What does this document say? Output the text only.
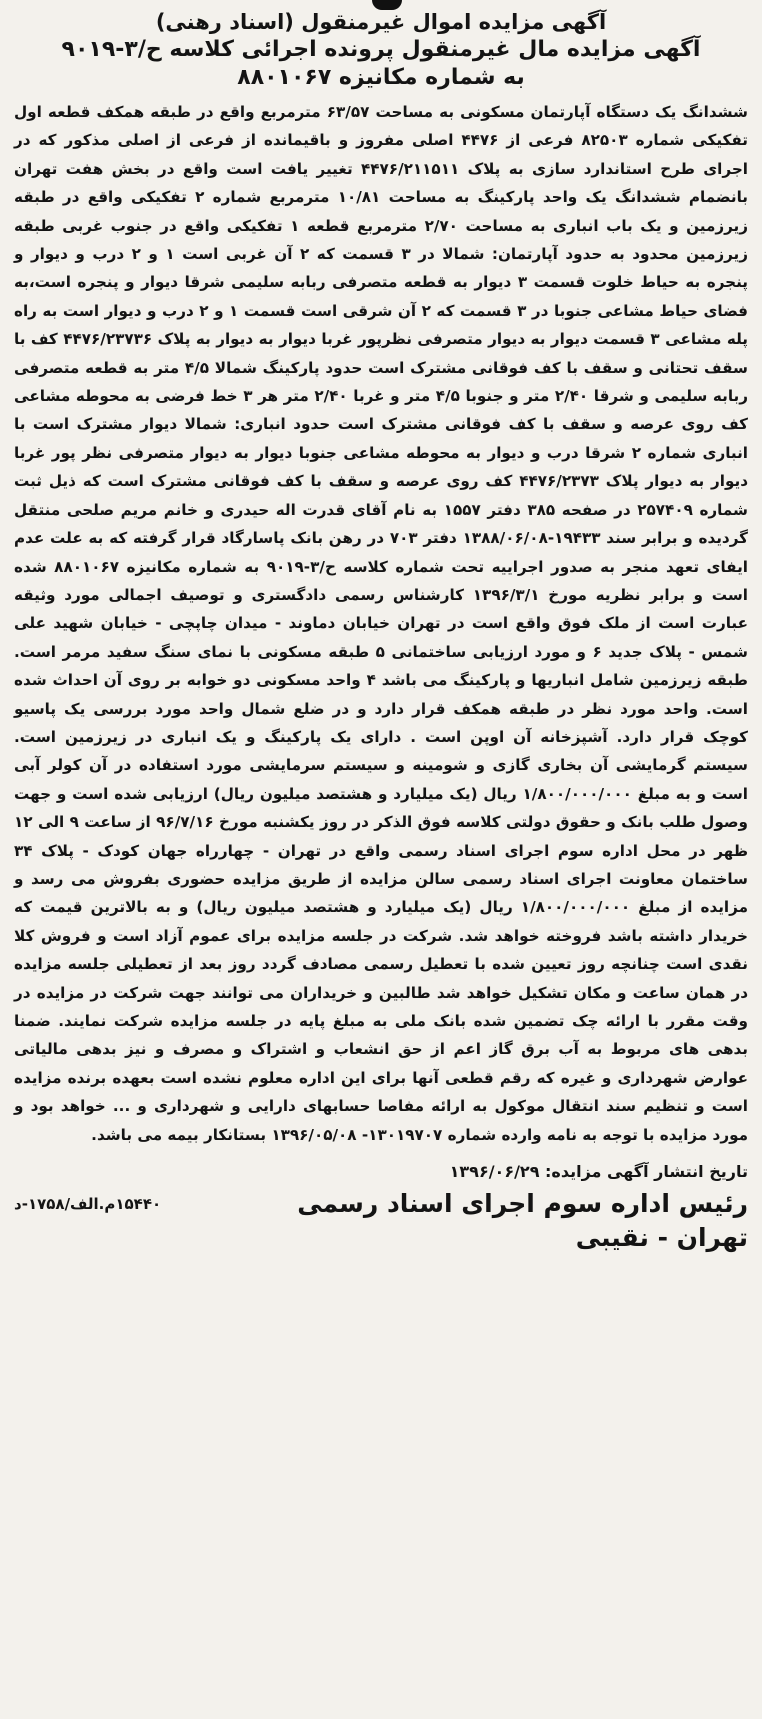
آگهی مزایده اموال غیرمنقول (اسناد رهنی)

آگهی مزایده مال غیرمنقول پرونده اجرائی کلاسه ح/۳-۹۰۱۹

به شماره مکانیزه ۸۸۰۱۰۶۷

ششدانگ یک دستگاه آپارتمان مسکونی به مساحت ۶۳/۵۷ مترمربع واقع در طبقه همکف قطعه اول تفکیکی شماره ۸۲۵۰۳ فرعی از ۴۴۷۶ اصلی مفروز و باقیمانده از فرعی از اصلی مذکور که در اجرای طرح استاندارد سازی به پلاک ۴۴۷۶/۲۱۱۵۱۱ تغییر یافت است واقع در بخش هفت تهران بانضمام ششدانگ یک واحد پارکینگ به مساحت ۱۰/۸۱ مترمربع شماره ۲ تفکیکی واقع در طبقه زیرزمین و یک باب انباری به مساحت ۲/۷۰ مترمربع قطعه ۱ تفکیکی واقع در جنوب غربی طبقه زیرزمین محدود به حدود آپارتمان: شمالا در ۳ قسمت که ۲ آن غربی است ۱ و ۲ درب و دیوار و پنجره به حیاط خلوت قسمت ۳ دیوار به قطعه متصرفی ربابه سلیمی شرقا دیوار و پنجره است،به فضای حیاط مشاعی جنوبا در ۳ قسمت که ۲ آن شرقی است قسمت ۱ و ۲ درب و دیوار است به راه پله مشاعی ۳ قسمت دیوار به دیوار متصرفی نظرپور غربا دیوار به دیوار به پلاک ۴۴۷۶/۲۳۷۳۶ کف با سقف تحتانی و سقف با کف فوقانی مشترک است حدود پارکینگ شمالا ۴/۵ متر به قطعه متصرفی ربابه سلیمی و شرقا ۲/۴۰ متر و جنوبا ۴/۵ متر و غربا ۲/۴۰ متر هر ۳ خط فرضی به محوطه مشاعی کف روی عرصه و سقف با کف فوقانی مشترک است حدود انباری: شمالا دیوار مشترک است با انباری شماره ۲ شرقا درب و دیوار به محوطه مشاعی جنوبا دیوار به دیوار متصرفی نظر پور غربا دیوار به دیوار پلاک ۴۴۷۶/۲۳۷۳ کف روی عرصه و سقف با کف فوقانی مشترک است که ذیل ثبت شماره ۲۵۷۴۰۹ در صفحه ۳۸۵ دفتر ۱۵۵۷ به نام آقای قدرت اله حیدری و خانم مریم صلحی منتقل گردیده و برابر سند ۱۹۴۳۳-۱۳۸۸/۰۶/۰۸ دفتر ۷۰۳ در رهن بانک پاسارگاد قرار گرفته که به علت عدم ایفای تعهد منجر به صدور اجراییه تحت شماره کلاسه ح/۳-۹۰۱۹ به شماره مکانیزه ۸۸۰۱۰۶۷ شده است و برابر نظریه مورخ ۱۳۹۶/۳/۱ کارشناس رسمی دادگستری و توصیف اجمالی مورد وثیقه عبارت است از ملک فوق واقع است در تهران خیابان دماوند - میدان چاپچی - خیابان شهید علی شمس - پلاک جدید ۶ و مورد ارزیابی ساختمانی ۵ طبقه مسکونی با نمای سنگ سفید مرمر است. طبقه زیرزمین شامل انباریها و پارکینگ می باشد ۴ واحد مسکونی دو خوابه بر روی آن احداث شده است. واحد مورد نظر در طبقه همکف قرار دارد و در ضلع شمال واحد مورد بررسی یک پاسیو کوچک قرار دارد. آشپزخانه آن اوپن است . دارای یک پارکینگ و یک انباری در زیرزمین است. سیستم گرمایشی آن بخاری گازی و شومینه و سیستم سرمایشی مورد استفاده در آن کولر آبی است و به مبلغ ۱/۸۰۰/۰۰۰/۰۰۰ ریال (یک میلیارد و هشتصد میلیون ریال) ارزیابی شده است و جهت وصول طلب بانک و حقوق دولتی کلاسه فوق الذکر در روز یکشنبه مورخ ۹۶/۷/۱۶ از ساعت ۹ الی ۱۲ ظهر در محل اداره سوم اجرای اسناد رسمی واقع در تهران - چهارراه جهان کودک - پلاک ۳۴ ساختمان معاونت اجرای اسناد رسمی سالن مزایده از طریق مزایده حضوری بفروش می رسد و مزایده از مبلغ ۱/۸۰۰/۰۰۰/۰۰۰ ریال (یک میلیارد و هشتصد میلیون ریال) و به بالاترین قیمت که خریدار داشته باشد فروخته خواهد شد. شرکت در جلسه مزایده برای عموم آزاد است و فروش کلا نقدی است چنانچه روز تعیین شده با تعطیل رسمی مصادف گردد روز بعد از تعطیلی جلسه مزایده در همان ساعت و مکان تشکیل خواهد شد طالبین و خریداران می توانند جهت شرکت در مزایده در وقت مقرر با ارائه چک تضمین شده بانک ملی به مبلغ پایه در جلسه مزایده شرکت نمایند. ضمنا بدهی های مربوط به آب برق گاز اعم از حق انشعاب و اشتراک و مصرف و نیز بدهی مالیاتی عوارض شهرداری و غیره که رقم قطعی آنها برای این اداره معلوم نشده است بعهده برنده مزایده است و تنظیم سند انتقال موکول به ارائه مفاصا حسابهای دارایی و شهرداری و ... خواهد بود و مورد مزایده با توجه به نامه وارده شماره ۱۳۰۱۹۷۰۷- ۱۳۹۶/۰۵/۰۸ بستانکار بیمه می باشد.
تاریخ انتشار آگهی مزایده: ۱۳۹۶/۰۶/۲۹
رئیس اداره سوم اجرای اسناد رسمی
تهران - نقیبی
۱۵۴۴۰م.الف/۱۷۵۸-د
